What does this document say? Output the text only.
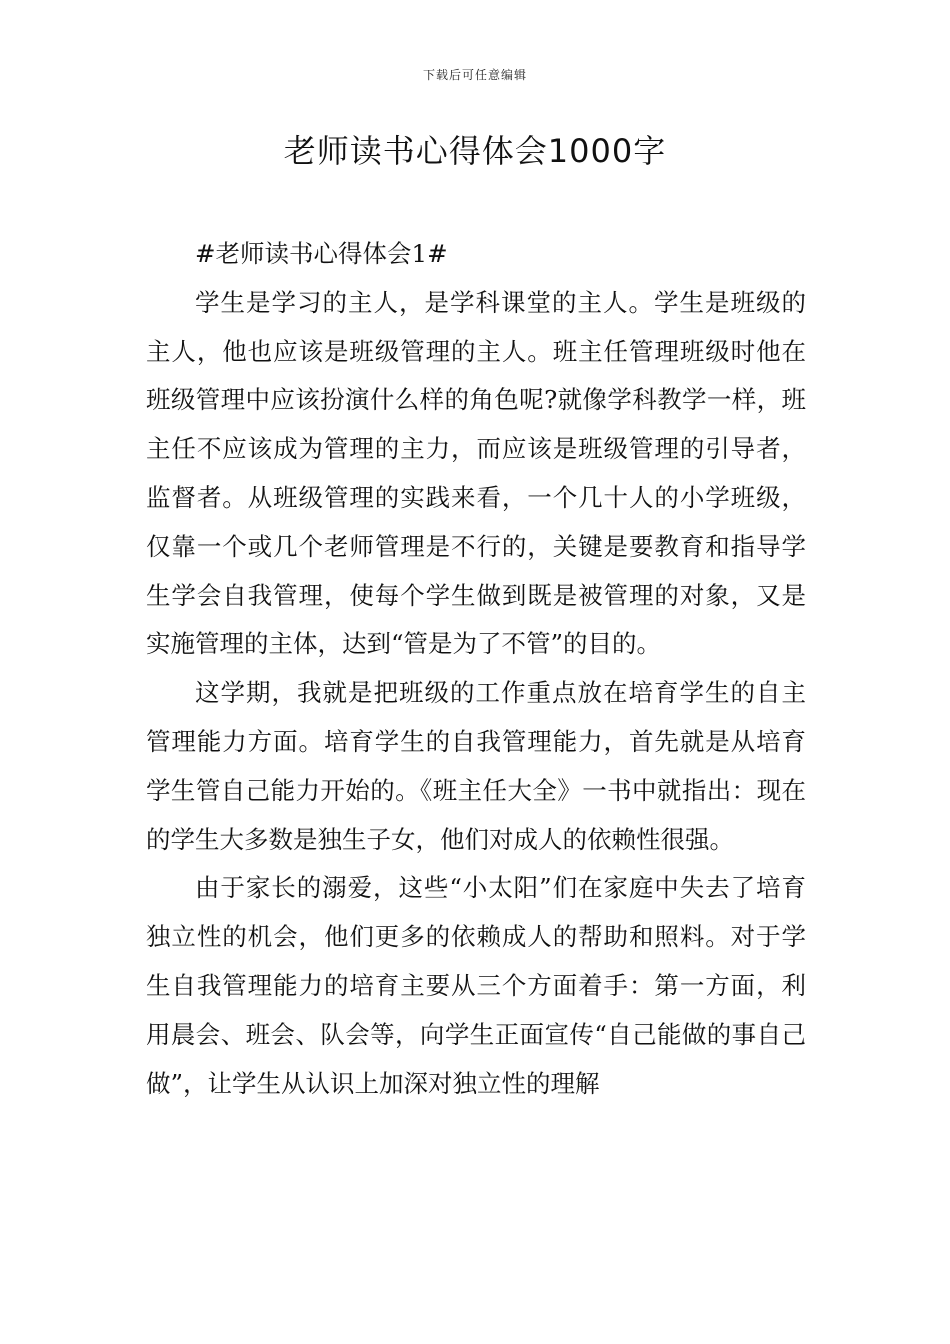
下载后可任意编辑
老师读书心得体会1000字

#老师读书心得体会1#

学生是学习的主人，是学科课堂的主人。学生是班级的主人，他也应该是班级管理的主人。班主任管理班级时他在班级管理中应该扮演什么样的角色呢?就像学科教学一样，班主任不应该成为管理的主力，而应该是班级管理的引导者，监督者。从班级管理的实践来看，一个几十人的小学班级，仅靠一个或几个老师管理是不行的，关键是要教育和指导学生学会自我管理，使每个学生做到既是被管理的对象，又是实施管理的主体，达到“管是为了不管”的目的。

这学期，我就是把班级的工作重点放在培育学生的自主管理能力方面。培育学生的自我管理能力，首先就是从培育学生管自己能力开始的。《班主任大全》一书中就指出：现在的学生大多数是独生子女，他们对成人的依赖性很强。

由于家长的溺爱，这些“小太阳”们在家庭中失去了培育独立性的机会，他们更多的依赖成人的帮助和照料。对于学生自我管理能力的培育主要从三个方面着手：第一方面，利用晨会、班会、队会等，向学生正面宣传“自己能做的事自己做”，让学生从认识上加深对独立性的理解
